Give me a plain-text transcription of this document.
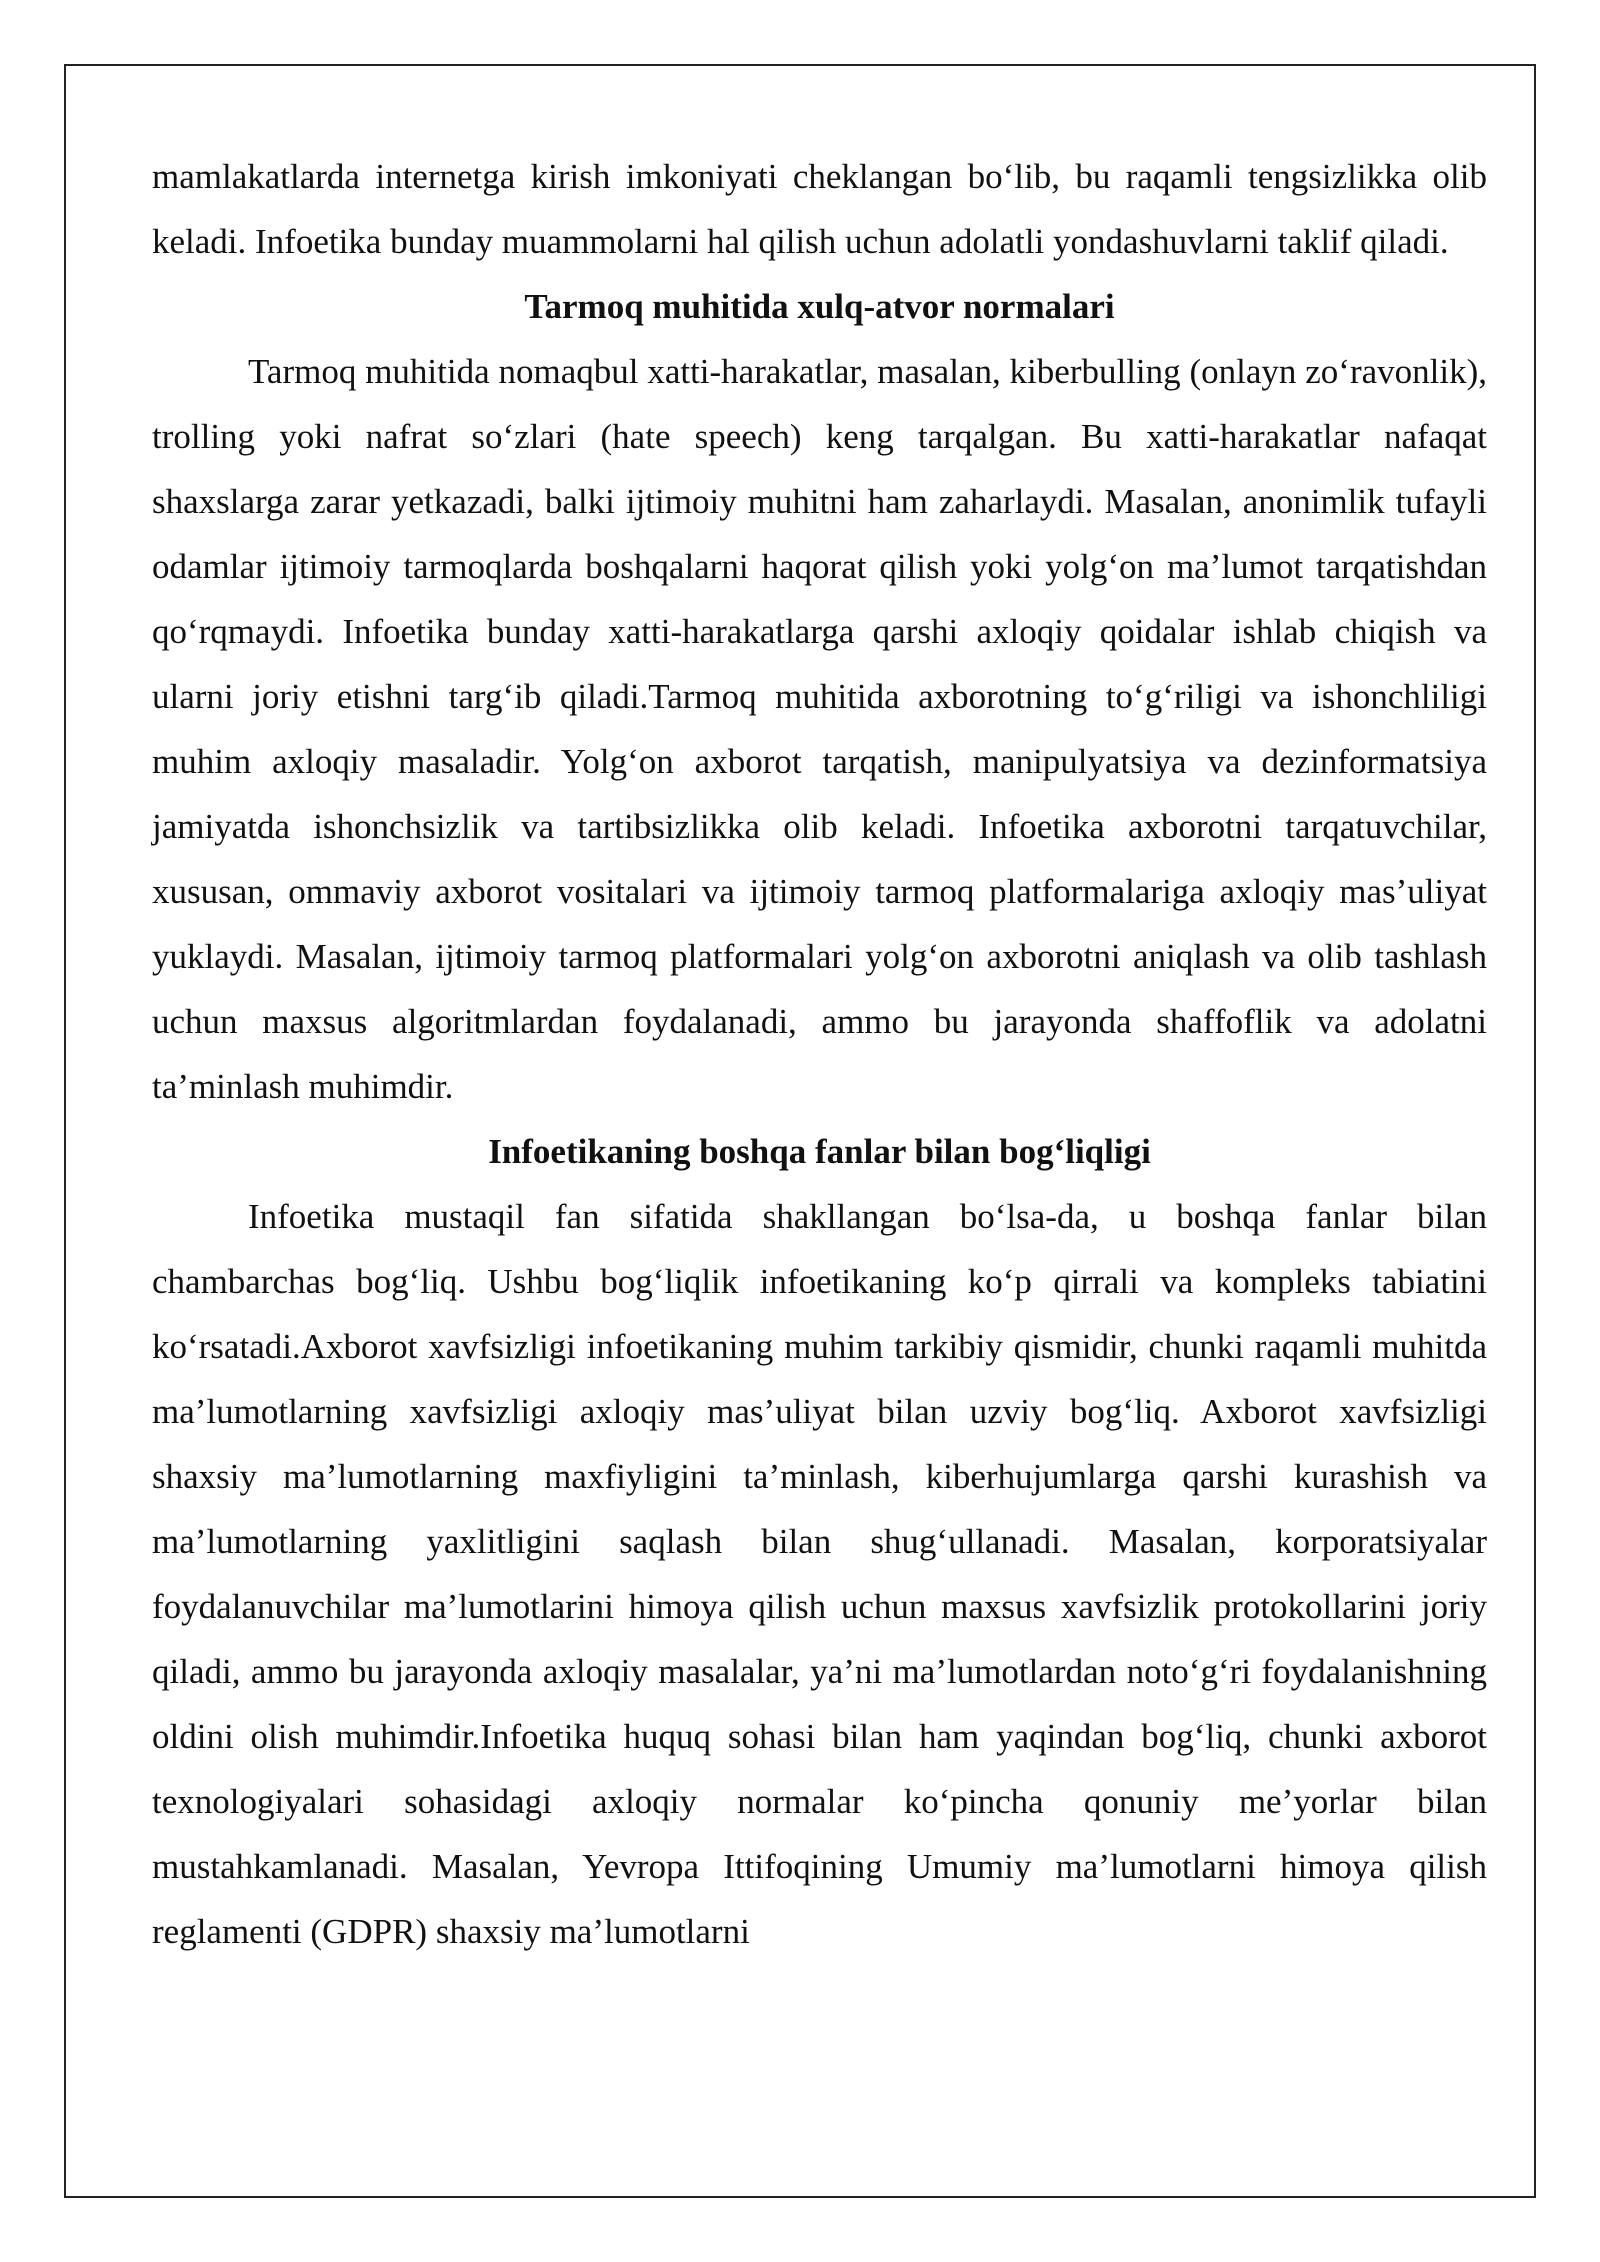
mamlakatlarda internetga kirish imkoniyati cheklangan bo‘lib, bu raqamli tengsizlikka olib keladi. Infoetika bunday muammolarni hal qilish uchun adolatli yondashuvlarni taklif qiladi.

Tarmoq muhitida xulq-atvor normalari

Tarmoq muhitida nomaqbul xatti-harakatlar, masalan, kiberbulling (onlayn zo‘ravonlik), trolling yoki nafrat so‘zlari (hate speech) keng tarqalgan. Bu xatti-harakatlar nafaqat shaxslarga zarar yetkazadi, balki ijtimoiy muhitni ham zaharlaydi. Masalan, anonimlik tufayli odamlar ijtimoiy tarmoqlarda boshqalarni haqorat qilish yoki yolg‘on ma’lumot tarqatishdan qo‘rqmaydi. Infoetika bunday xatti-harakatlarga qarshi axloqiy qoidalar ishlab chiqish va ularni joriy etishni targ‘ib qiladi.Tarmoq muhitida axborotning to‘g‘riligi va ishonchliligi muhim axloqiy masaladir. Yolg‘on axborot tarqatish, manipulyatsiya va dezinformatsiya jamiyatda ishonchsizlik va tartibsizlikka olib keladi. Infoetika axborotni tarqatuvchilar, xususan, ommaviy axborot vositalari va ijtimoiy tarmoq platformalariga axloqiy mas’uliyat yuklaydi. Masalan, ijtimoiy tarmoq platformalari yolg‘on axborotni aniqlash va olib tashlash uchun maxsus algoritmlardan foydalanadi, ammo bu jarayonda shaffoflik va adolatni ta’minlash muhimdir.

Infoetikaning boshqa fanlar bilan bog‘liqligi

Infoetika mustaqil fan sifatida shakllangan bo‘lsa-da, u boshqa fanlar bilan chambarchas bog‘liq. Ushbu bog‘liqlik infoetikaning ko‘p qirrali va kompleks tabiatini ko‘rsatadi.Axborot xavfsizligi infoetikaning muhim tarkibiy qismidir, chunki raqamli muhitda ma’lumotlarning xavfsizligi axloqiy mas’uliyat bilan uzviy bog‘liq. Axborot xavfsizligi shaxsiy ma’lumotlarning maxfiyligini ta’minlash, kiberhujumlarga qarshi kurashish va ma’lumotlarning yaxlitligini saqlash bilan shug‘ullanadi. Masalan, korporatsiyalar foydalanuvchilar ma’lumotlarini himoya qilish uchun maxsus xavfsizlik protokollarini joriy qiladi, ammo bu jarayonda axloqiy masalalar, ya’ni ma’lumotlardan noto‘g‘ri foydalanishning oldini olish muhimdir.Infoetika huquq sohasi bilan ham yaqindan bog‘liq, chunki axborot texnologiyalari sohasidagi axloqiy normalar ko‘pincha qonuniy me’yorlar bilan mustahkamlanadi. Masalan, Yevropa Ittifoqining Umumiy ma’lumotlarni himoya qilish reglamenti (GDPR) shaxsiy ma’lumotlarni
